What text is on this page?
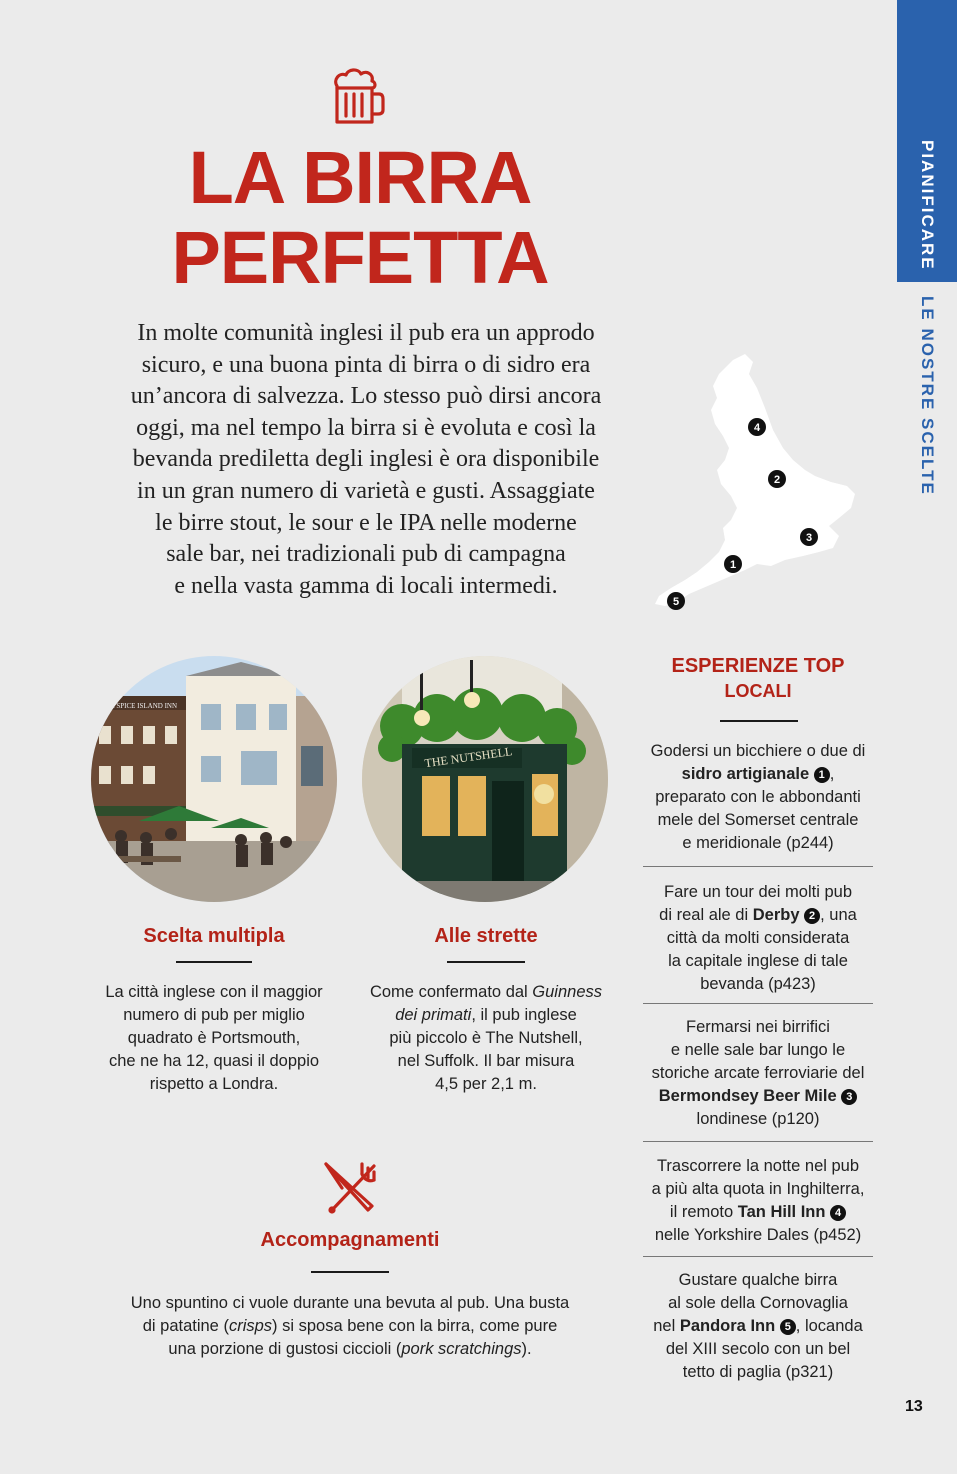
PIANIFICARE
LE NOSTRE SCELTE
LA BIRRA
PERFETTA
In molte comunità inglesi il pub era un approdo
sicuro, e una buona pinta di birra o di sidro era
un’ancora di salvezza. Lo stesso può dirsi ancora
oggi, ma nel tempo la birra si è evoluta e così la
bevanda prediletta degli inglesi è ora disponibile
in un gran numero di varietà e gusti. Assaggiate
le birre stout, le sour e le IPA nelle moderne
sale bar, nei tradizionali pub di campagna
e nella vasta gamma di locali intermedi.
4
2
3
1
5
THE SPICE ISLAND INN
THE NUTSHELL
Scelta multipla
La città inglese con il maggior
numero di pub per miglio
quadrato è Portsmouth,
che ne ha 12, quasi il doppio
rispetto a Londra.
Alle strette
Come confermato dal Guinness
dei primati, il pub inglese
più piccolo è The Nutshell,
nel Suffolk. Il bar misura
4,5 per 2,1 m.
Accompagnamenti
Uno spuntino ci vuole durante una bevuta al pub. Una busta
di patatine (crisps) si sposa bene con la birra, come pure
una porzione di gustosi ciccioli (pork scratchings).
ESPERIENZE TOP
LOCALI
Godersi un bicchiere o due di
sidro artigianale 1 ,
preparato con le abbondanti
mele del Somerset centrale
e meridionale (p244)
Fare un tour dei molti pub
di real ale di Derby 2 , una
città da molti considerata
la capitale inglese di tale
bevanda (p423)
Fermarsi nei birrifici
e nelle sale bar lungo le
storiche arcate ferroviarie del
Bermondsey Beer Mile 3
londinese (p120)
Trascorrere la notte nel pub
a più alta quota in Inghilterra,
il remoto Tan Hill Inn 4
nelle Yorkshire Dales (p452)
Gustare qualche birra
al sole della Cornovaglia
nel Pandora Inn 5 , locanda
del XIII secolo con un bel
tetto di paglia (p321)
13
